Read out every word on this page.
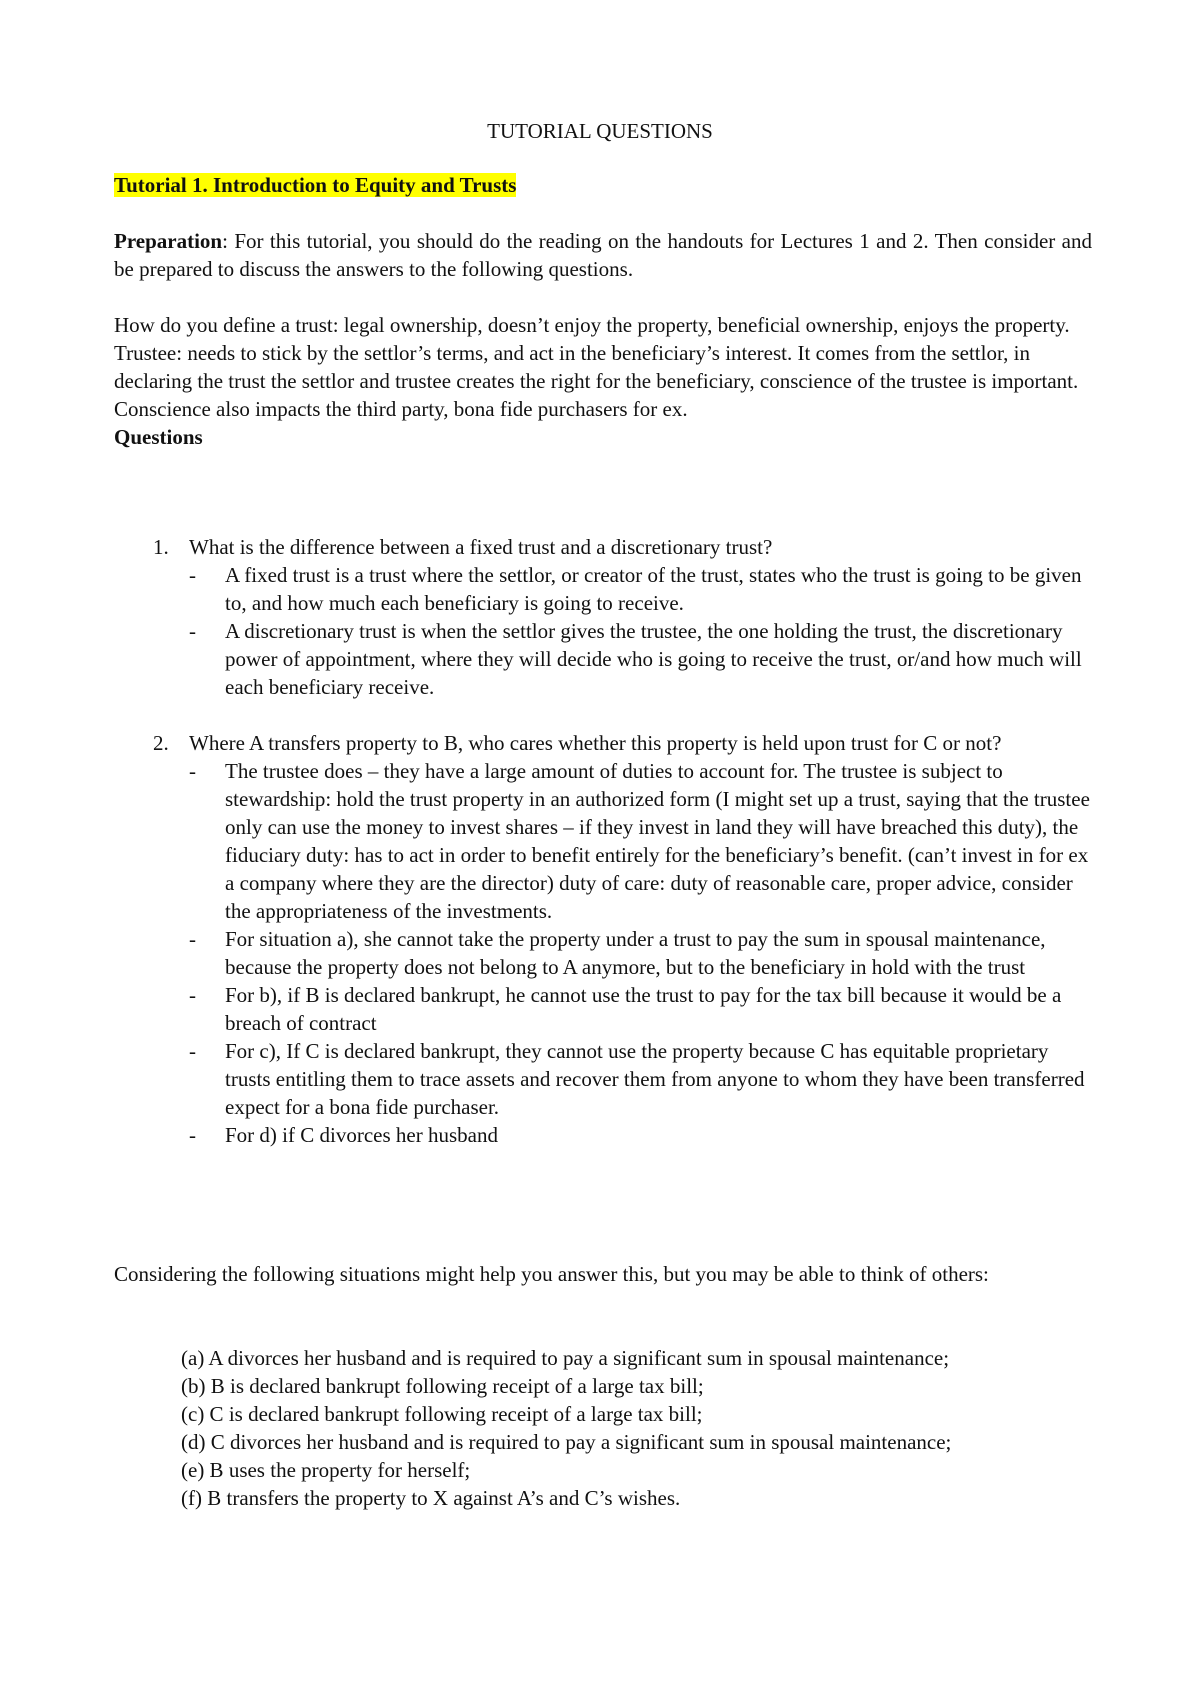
TUTORIAL QUESTIONS
Tutorial 1. Introduction to Equity and Trusts
Preparation: For this tutorial, you should do the reading on the handouts for Lectures 1 and 2. Then consider and be prepared to discuss the answers to the following questions.

How do you define a trust: legal ownership, doesn’t enjoy the property, beneficial ownership, enjoys the property.

Trustee: needs to stick by the settlor’s terms, and act in the beneficiary’s interest. It comes from the settlor, in declaring the trust the settlor and trustee creates the right for the beneficiary, conscience of the trustee is important.

Conscience also impacts the third party, bona fide purchasers for ex.

Questions

1. What is the difference between a fixed trust and a discretionary trust?

- A fixed trust is a trust where the settlor, or creator of the trust, states who the trust is going to be given to, and how much each beneficiary is going to receive.
- A discretionary trust is when the settlor gives the trustee, the one holding the trust, the discretionary power of appointment, where they will decide who is going to receive the trust, or/and how much will each beneficiary receive.
2. Where A transfers property to B, who cares whether this property is held upon trust for C or not?

- The trustee does – they have a large amount of duties to account for. The trustee is subject to stewardship: hold the trust property in an authorized form (I might set up a trust, saying that the trustee only can use the money to invest shares – if they invest in land they will have breached this duty), the fiduciary duty: has to act in order to benefit entirely for the beneficiary’s benefit. (can’t invest in for ex a company where they are the director) duty of care: duty of reasonable care, proper advice, consider the appropriateness of the investments.
- For situation a), she cannot take the property under a trust to pay the sum in spousal maintenance, because the property does not belong to A anymore, but to the beneficiary in hold with the trust
- For b), if B is declared bankrupt, he cannot use the trust to pay for the tax bill because it would be a breach of contract
- For c), If C is declared bankrupt, they cannot use the property because C has equitable proprietary trusts entitling them to trace assets and recover them from anyone to whom they have been transferred expect for a bona fide purchaser.
- For d) if C divorces her husband
Considering the following situations might help you answer this, but you may be able to think of others:
(a) A divorces her husband and is required to pay a significant sum in spousal maintenance;
(b) B is declared bankrupt following receipt of a large tax bill;
(c) C is declared bankrupt following receipt of a large tax bill;
(d) C divorces her husband and is required to pay a significant sum in spousal maintenance;
(e) B uses the property for herself;
(f) B transfers the property to X against A’s and C’s wishes.
